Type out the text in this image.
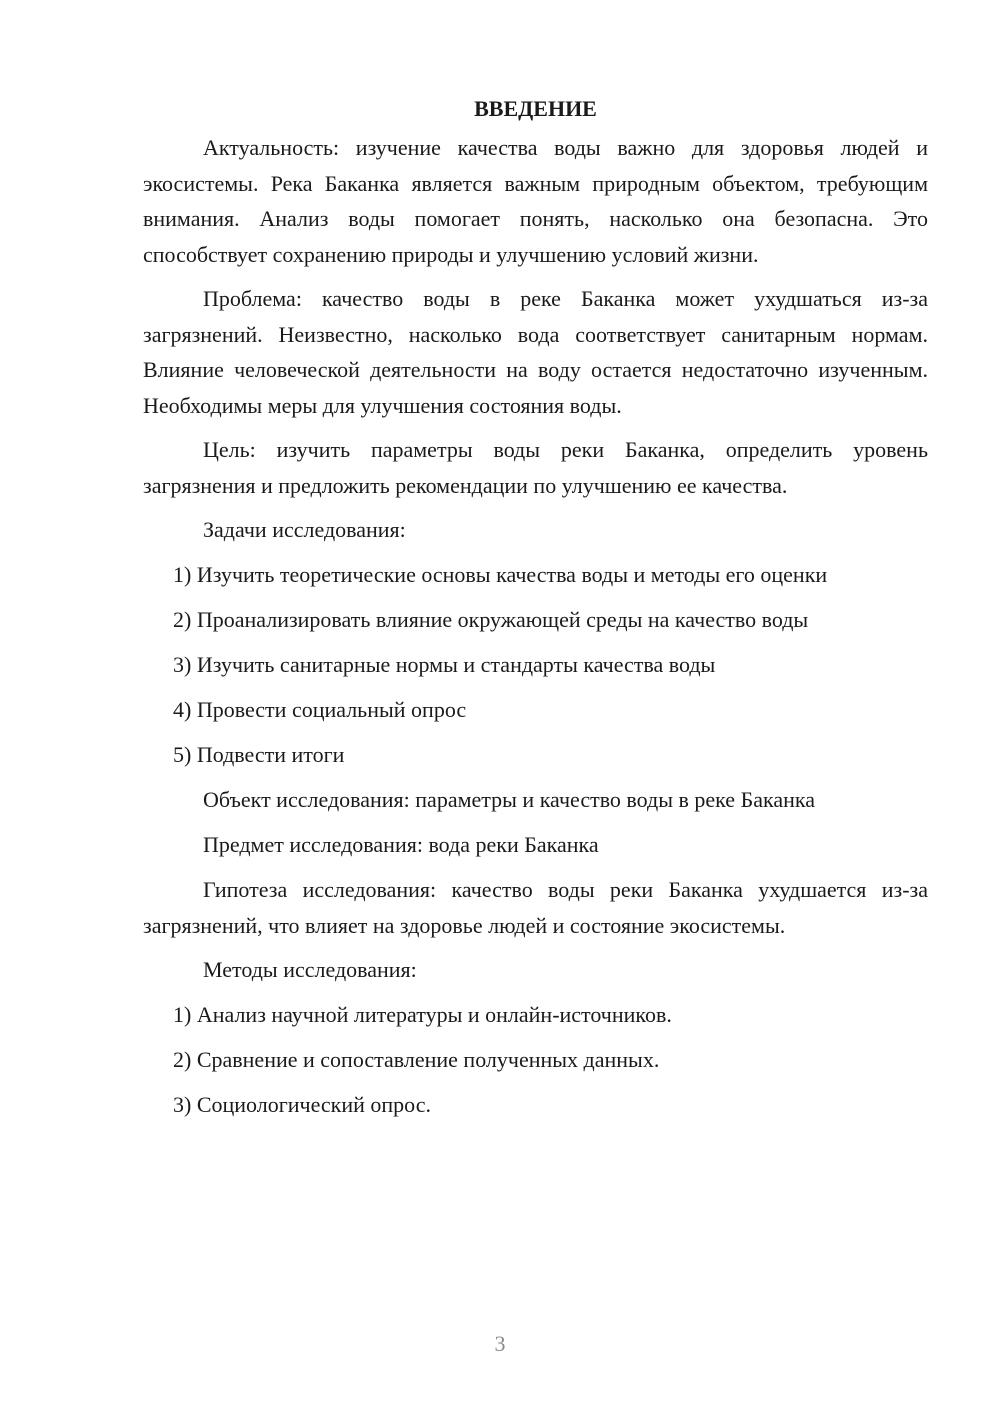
ВВЕДЕНИЕ

Актуальность: изучение качества воды важно для здоровья людей и экосистемы. Река Баканка является важным природным объектом, требующим внимания. Анализ воды помогает понять, насколько она безопасна. Это способствует сохранению природы и улучшению условий жизни.

Проблема: качество воды в реке Баканка может ухудшаться из-за загрязнений. Неизвестно, насколько вода соответствует санитарным нормам. Влияние человеческой деятельности на воду остается недостаточно изученным. Необходимы меры для улучшения состояния воды.

Цель: изучить параметры воды реки Баканка, определить уровень загрязнения и предложить рекомендации по улучшению ее качества.

Задачи исследования:
1) Изучить теоретические основы качества воды и методы его оценки
2) Проанализировать влияние окружающей среды на качество воды
3) Изучить санитарные нормы и стандарты качества воды
4) Провести социальный опрос
5) Подвести итоги
Объект исследования: параметры и качество воды в реке Баканка
Предмет исследования: вода реки Баканка

Гипотеза исследования: качество воды реки Баканка ухудшается из-за загрязнений, что влияет на здоровье людей и состояние экосистемы.

Методы исследования:
1) Анализ научной литературы и онлайн-источников.
2) Сравнение и сопоставление полученных данных.
3) Социологический опрос.
3
